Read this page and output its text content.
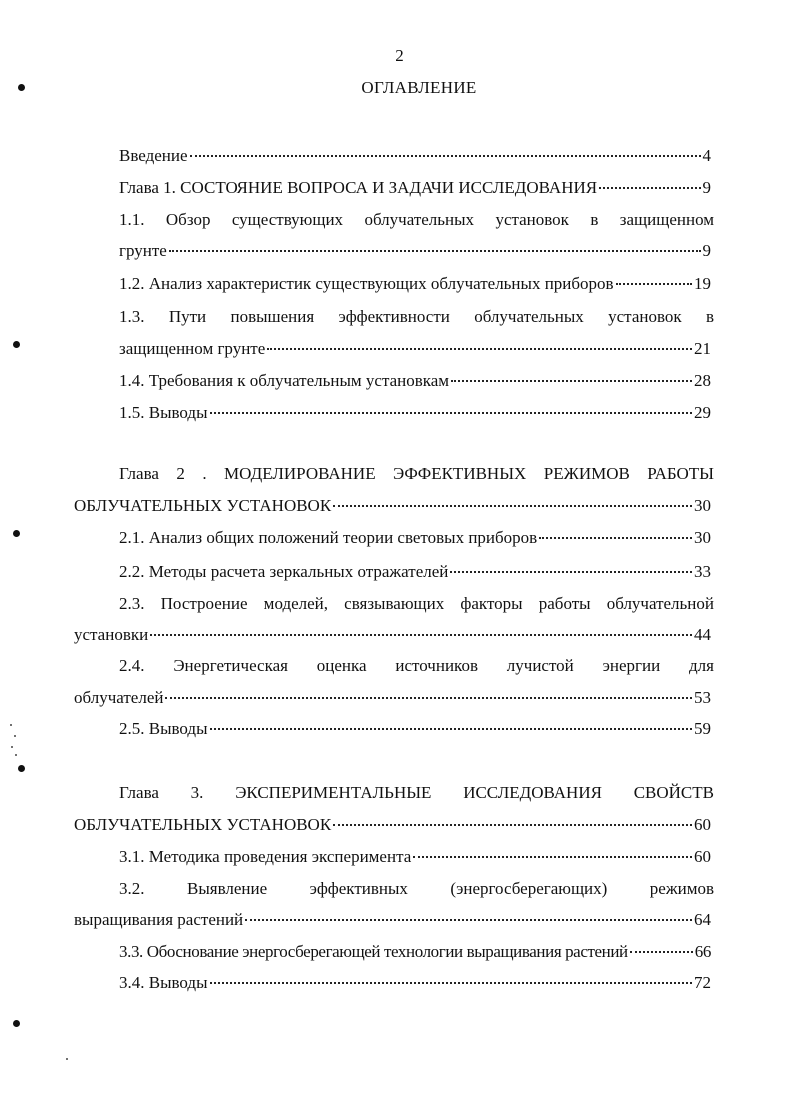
2
ОГЛАВЛЕНИЕ
Введение	4
Глава 1. СОСТОЯНИЕ ВОПРОСА И ЗАДАЧИ ИССЛЕДОВАНИЯ	9
1.1. Обзор существующих облучательных установок в защищенном
грунте	9
1.2. Анализ характеристик существующих облучательных приборов	19
1.3. Пути повышения эффективности облучательных установок в
защищенном грунте	21
1.4. Требования к облучательным установкам	28
1.5. Выводы	29
Глава 2 . МОДЕЛИРОВАНИЕ ЭФФЕКТИВНЫХ РЕЖИМОВ РАБОТЫ
ОБЛУЧАТЕЛЬНЫХ УСТАНОВОК	30
2.1. Анализ общих положений теории световых приборов	30
2.2. Методы расчета зеркальных отражателей	33
2.3. Построение моделей, связывающих факторы работы облучательной
установки	44
2.4. Энергетическая оценка источников лучистой энергии для
облучателей	53
2.5. Выводы	59
Глава 3. ЭКСПЕРИМЕНТАЛЬНЫЕ ИССЛЕДОВАНИЯ СВОЙСТВ
ОБЛУЧАТЕЛЬНЫХ УСТАНОВОК	60
3.1. Методика проведения эксперимента	60
3.2. Выявление эффективных (энергосберегающих) режимов
выращивания растений	64
3.3. Обоснование энергосберегающей технологии выращивания растений	66
3.4. Выводы	72
